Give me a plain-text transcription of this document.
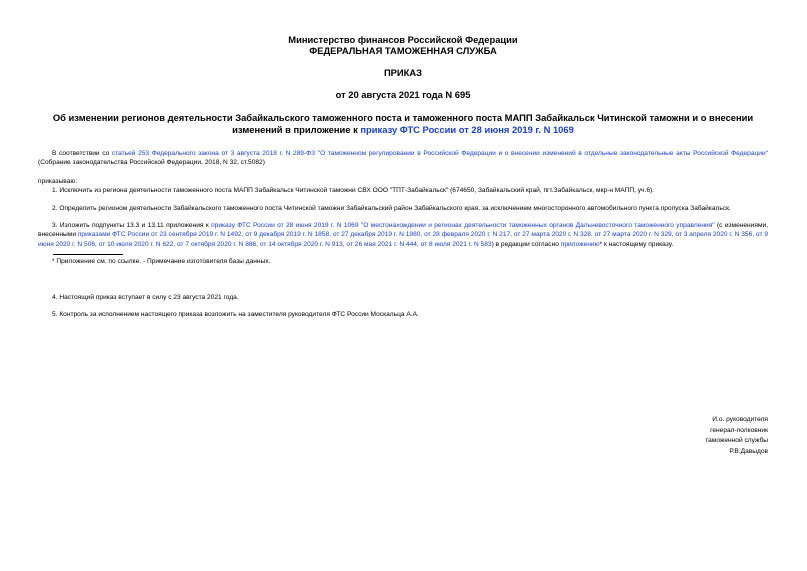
Министерство финансов Российской Федерации
ФЕДЕРАЛЬНАЯ ТАМОЖЕННАЯ СЛУЖБА
ПРИКАЗ
от 20 августа 2021 года N 695
Об изменении регионов деятельности Забайкальского таможенного поста и таможенного поста МАПП Забайкальск Читинской таможни и о внесении изменений в приложение к приказу ФТС России от 28 июня 2019 г. N 1069

В соответствии со статьей 253 Федерального закона от 3 августа 2018 г. N 289-ФЗ "О таможенном регулировании в Российской Федерации и о внесении изменений в отдельные законодательные акты Российской Федерации" (Собрание законодательства Российской Федерации, 2018, N 32, ст.5082)

приказываю:

1. Исключить из региона деятельности таможенного поста МАПП Забайкальск Читинской таможни СВХ ООО "ТПТ-Забайкальск" (674650, Забайкальский край, пгт.Забайкальск, мкр-н МАПП, уч.6).

2. Определить регионом деятельности Забайкальского таможенного поста Читинской таможни Забайкальский район Забайкальского края, за исключением многосторонного автомобильного пункта пропуска Забайкальск.

3. Изложить подпункты 13.3 и 13.11 приложения к приказу ФТС России от 28 июня 2019 г. N 1069 "О местонахождении и регионах деятельности таможенных органов Дальневосточного таможенного управления" (с изменениями, внесенными приказами ФТС России от 23 сентября 2019 г. N 1492, от 9 декабря 2019 г. N 1858, от 27 декабря 2019 г. N 1980, от 28 февраля 2020 г. N 217, от 27 марта 2020 г. N 328, от 27 марта 2020 г. N 329, от 3 апреля 2020 г. N 356, от 9 июня 2020 г. N 506, от 10 июля 2020 г. N 622, от 7 октября 2020 г. N 886, от 14 октября 2020 г. N 913, от 26 мая 2021 г. N 444, от 8 июля 2021 г. N 583) в редакции согласно приложению* к настоящему приказу.

* Приложение см. по ссылке. - Примечание изготовителя базы данных.

4. Настоящий приказ вступает в силу с 23 августа 2021 года.

5. Контроль за исполнением настоящего приказа возложить на заместителя руководителя ФТС России Москальца А.А.

И.о. руководителя
генерал-полковник
таможенной службы
Р.В.Давыдов
